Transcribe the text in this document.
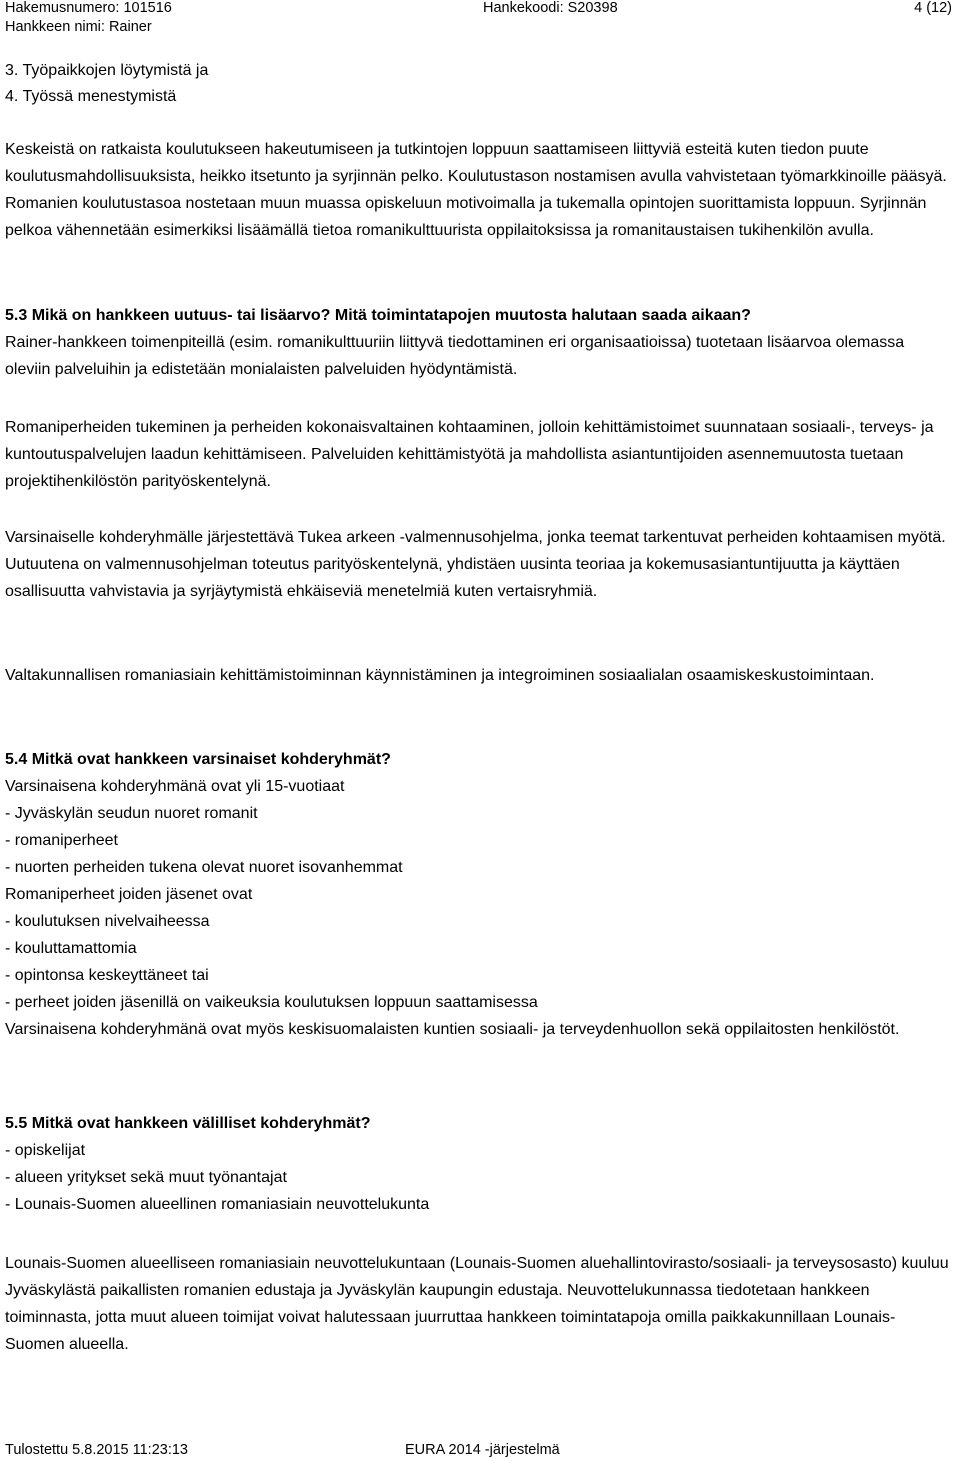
Hakemusnumero: 101516
Hankkeen nimi: Rainer
Hankekoodi: S20398	4 (12)
3. Työpaikkojen löytymistä ja
4. Työssä menestymistä

Keskeistä on ratkaista koulutukseen hakeutumiseen ja tutkintojen loppuun saattamiseen liittyviä esteitä kuten tiedon puute koulutusmahdollisuuksista, heikko itsetunto ja syrjinnän pelko. Koulutustason nostamisen avulla vahvistetaan työmarkkinoille pääsyä. Romanien koulutustasoa nostetaan muun muassa opiskeluun motivoimalla ja tukemalla opintojen suorittamista loppuun. Syrjinnän pelkoa vähennetään esimerkiksi lisäämällä tietoa romanikulttuurista oppilaitoksissa ja romanitaustaisen tukihenkilön avulla.

5.3 Mikä on hankkeen uutuus- tai lisäarvo? Mitä toimintatapojen muutosta halutaan saada aikaan?

Rainer-hankkeen toimenpiteillä (esim. romanikulttuuriin liittyvä tiedottaminen eri organisaatioissa) tuotetaan lisäarvoa olemassa oleviin palveluihin ja edistetään monialaisten palveluiden hyödyntämistä.

Romaniperheiden tukeminen ja perheiden kokonaisvaltainen kohtaaminen, jolloin kehittämistoimet suunnataan sosiaali-, terveys- ja kuntoutuspalvelujen laadun kehittämiseen. Palveluiden kehittämistyötä ja mahdollista asiantuntijoiden asennemuutosta tuetaan projektihenkilöstön parityöskentelynä.

Varsinaiselle kohderyhmälle järjestettävä Tukea arkeen -valmennusohjelma, jonka teemat tarkentuvat perheiden kohtaamisen myötä. Uutuutena on valmennusohjelman toteutus parityöskentelynä, yhdistäen uusinta teoriaa ja kokemusasiantuntijuutta ja käyttäen osallisuutta vahvistavia ja syrjäytymistä ehkäiseviä menetelmiä kuten vertaisryhmiä.

Valtakunnallisen romaniasiain kehittämistoiminnan käynnistäminen ja integroiminen sosiaalialan osaamiskeskustoimintaan.

5.4 Mitkä ovat hankkeen varsinaiset kohderyhmät?

Varsinaisena kohderyhmänä ovat yli 15-vuotiaat

- Jyväskylän seudun nuoret romanit

- romaniperheet

- nuorten perheiden tukena olevat nuoret isovanhemmat

Romaniperheet joiden jäsenet ovat

- koulutuksen nivelvaiheessa

- kouluttamattomia

- opintonsa keskeyttäneet tai

- perheet joiden jäsenillä on vaikeuksia koulutuksen loppuun saattamisessa

Varsinaisena kohderyhmänä ovat myös keskisuomalaisten kuntien sosiaali- ja terveydenhuollon sekä oppilaitosten henkilöstöt.

5.5 Mitkä ovat hankkeen välilliset kohderyhmät?

- opiskelijat

- alueen yritykset sekä muut työnantajat

- Lounais-Suomen alueellinen romaniasiain neuvottelukunta

Lounais-Suomen alueelliseen romaniasiain neuvottelukuntaan (Lounais-Suomen aluehallintovirasto/sosiaali- ja terveysosasto) kuuluu Jyväskylästä paikallisten romanien edustaja ja Jyväskylän kaupungin edustaja. Neuvottelukunnassa tiedotetaan hankkeen toiminnasta, jotta muut alueen toimijat voivat halutessaan juurruttaa hankkeen toimintatapoja omilla paikkakunnillaan Lounais-Suomen alueella.

Tulostettu 5.8.2015 11:23:13	EURA 2014 -järjestelmä
